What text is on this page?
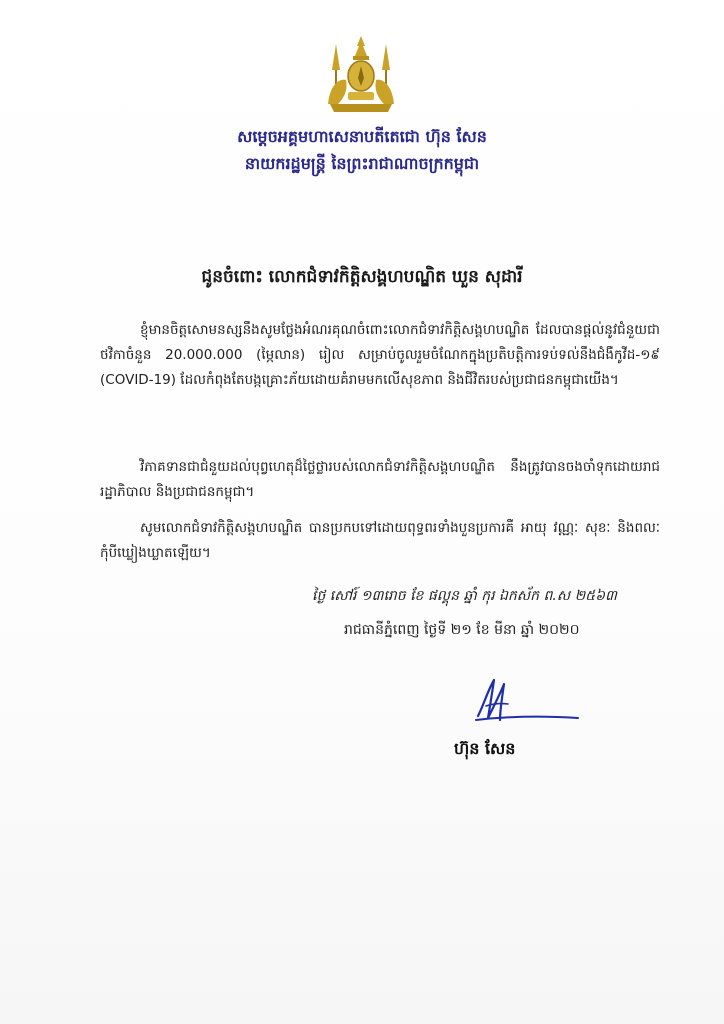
សម្ដេចអគ្គមហាសេនាបតីតេជោ ហ៊ុន សែន
នាយករដ្ឋមន្ត្រី នៃព្រះរាជាណាចក្រកម្ពុជា
ជូនចំពោះ លោកជំទាវកិត្តិសង្គហបណ្ឌិត ឃួន សុដារី
ខ្ញុំមានចិត្តសោមនស្សនឹងសូមថ្លែងអំណរគុណចំពោះលោកជំទាវកិត្តិសង្គហបណ្ឌិត ដែលបានផ្ដល់នូវជំនួយជាថវិកាចំនួន 20.000.000 (ម្ភៃលាន) រៀល សម្រាប់ចូលរួមចំណែកក្នុងប្រតិបត្តិការទប់ទល់នឹងជំងឺកូវីដ-១៩ (COVID-19) ដែលកំពុងតែបង្កគ្រោះភ័យដោយគំរាមមកលើសុខភាព និងជីវិតរបស់ប្រជាជនកម្ពុជាយើង។
វិភាគទានជាជំនួយដល់បុព្វហេតុដ៏ថ្លៃថ្លារបស់លោកជំទាវកិត្តិសង្គហបណ្ឌិត នឹងត្រូវបានចងចាំទុកដោយរាជរដ្ឋាភិបាល និងប្រជាជនកម្ពុជា។
សូមលោកជំទាវកិត្តិសង្គហបណ្ឌិត បានប្រកបទៅដោយពុទ្ធពរទាំងបួនប្រការគឺ អាយុ វណ្ណៈ សុខៈ និងពលៈ កុំបីឃ្លៀងឃ្លាតឡើយ។
ថ្ងៃ សៅរ៍ ១៣រោច ខែ ផល្គុន ឆ្នាំ កុរ ឯកស័ក ព.ស ២៥៦៣
រាជធានីភ្នំពេញ ថ្ងៃទី ២១ ខែ មីនា ឆ្នាំ ២០២០
ហ៊ុន សែន
